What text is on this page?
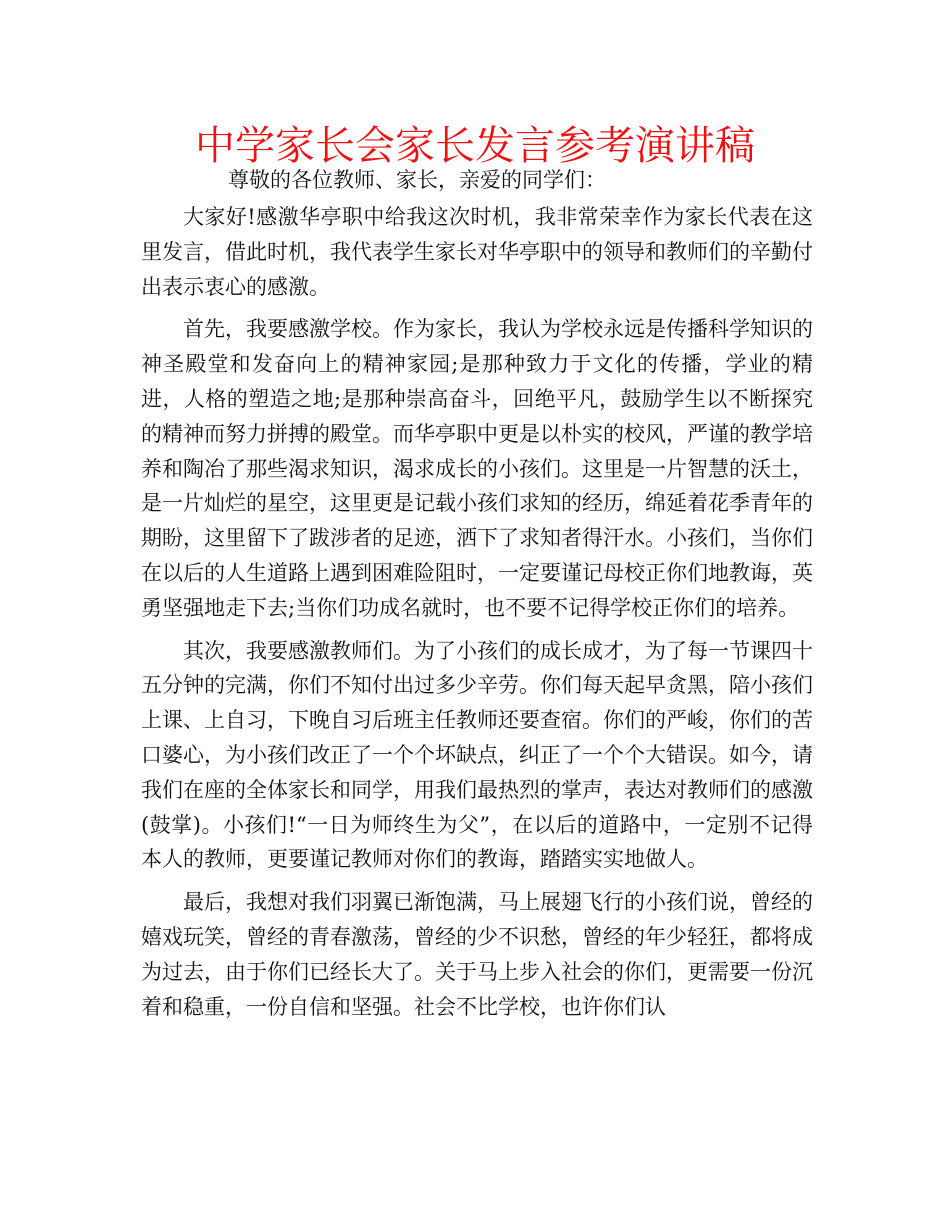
中学家长会家长发言参考演讲稿

尊敬的各位教师、家长，亲爱的同学们：

大家好!感激华亭职中给我这次时机，我非常荣幸作为家长代表在这里发言，借此时机，我代表学生家长对华亭职中的领导和教师们的辛勤付出表示衷心的感激。

首先，我要感激学校。作为家长，我认为学校永远是传播科学知识的神圣殿堂和发奋向上的精神家园;是那种致力于文化的传播，学业的精进，人格的塑造之地;是那种崇高奋斗，回绝平凡，鼓励学生以不断探究的精神而努力拼搏的殿堂。而华亭职中更是以朴实的校风，严谨的教学培养和陶冶了那些渴求知识，渴求成长的小孩们。这里是一片智慧的沃土，是一片灿烂的星空，这里更是记载小孩们求知的经历，绵延着花季青年的期盼，这里留下了跋涉者的足迹，洒下了求知者得汗水。小孩们，当你们在以后的人生道路上遇到困难险阻时，一定要谨记母校正你们地教诲，英勇坚强地走下去;当你们功成名就时，也不要不记得学校正你们的培养。

其次，我要感激教师们。为了小孩们的成长成才，为了每一节课四十五分钟的完满，你们不知付出过多少辛劳。你们每天起早贪黑，陪小孩们上课、上自习，下晚自习后班主任教师还要查宿。你们的严峻，你们的苦口婆心，为小孩们改正了一个个坏缺点，纠正了一个个大错误。如今，请我们在座的全体家长和同学，用我们最热烈的掌声，表达对教师们的感激(鼓掌)。小孩们!“一日为师终生为父”，在以后的道路中，一定别不记得本人的教师，更要谨记教师对你们的教诲，踏踏实实地做人。

最后，我想对我们羽翼已渐饱满，马上展翅飞行的小孩们说，曾经的嬉戏玩笑，曾经的青春激荡，曾经的少不识愁，曾经的年少轻狂，都将成为过去，由于你们已经长大了。关于马上步入社会的你们，更需要一份沉着和稳重，一份自信和坚强。社会不比学校，也许你们认
